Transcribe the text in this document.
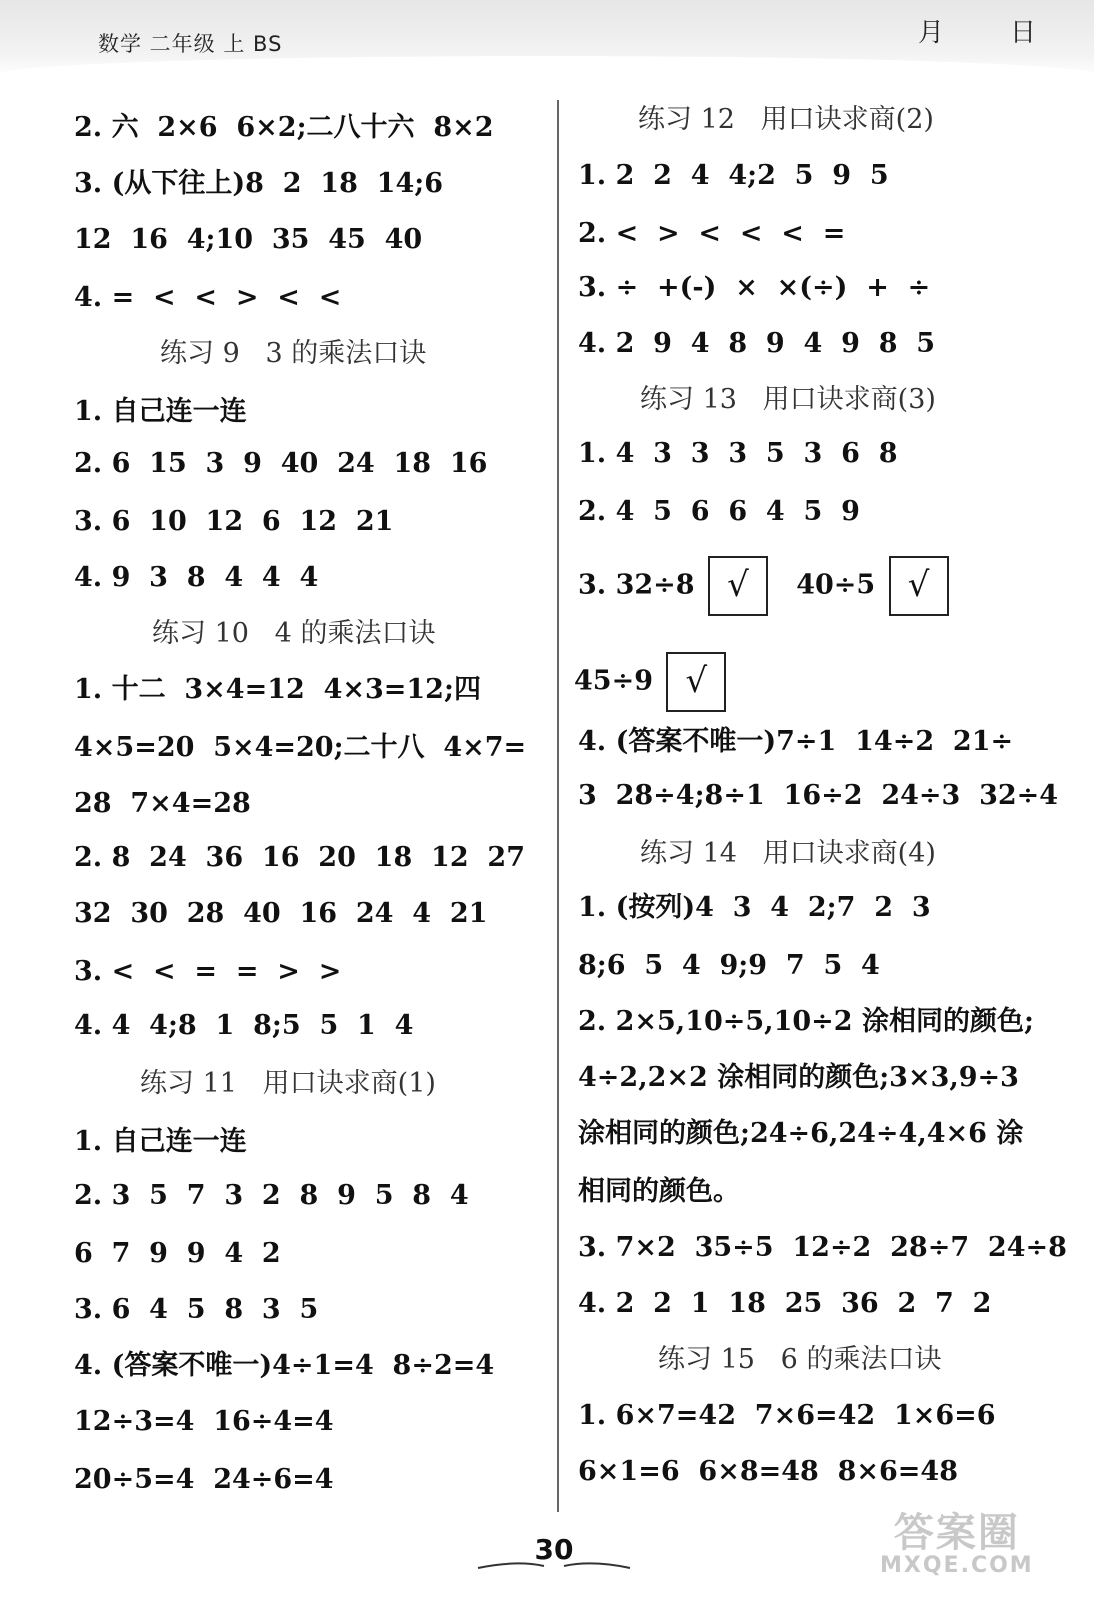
数学 二年级 上 BS	月	日
2. 六  2×6  6×2;二八十六  8×2
3. (从下往上)8  2  18  14;6
12  16  4;10  35  45  40
4. =  <  <  >  <  <
练习 9   3 的乘法口诀
1. 自己连一连
2. 6  15  3  9  40  24  18  16
3. 6  10  12  6  12  21
4. 9  3  8  4  4  4
练习 10   4 的乘法口诀
1. 十二  3×4=12  4×3=12;四
4×5=20  5×4=20;二十八  4×7=
28  7×4=28
2. 8  24  36  16  20  18  12  27
32  30  28  40  16  24  4  21
3. <  <  =  =  >  >
4. 4  4;8  1  8;5  5  1  4
练习 11   用口诀求商(1)
1. 自己连一连
2. 3  5  7  3  2  8  9  5  8  4
6  7  9  9  4  2
3. 6  4  5  8  3  5
4. (答案不唯一)4÷1=4  8÷2=4
12÷3=4  16÷4=4
20÷5=4  24÷6=4
练习 12   用口诀求商(2)
1. 2  2  4  4;2  5  9  5
2. <  >  <  <  <  =
3. ÷  +(-)  ×  ×(÷)  +  ÷
4. 2  9  4  8  9  4  9  8  5
练习 13   用口诀求商(3)
1. 4  3  3  3  5  3  6  8
2. 4  5  6  6  4  5  9
3. 32÷8 √ 40÷5 √
45÷9 √
4. (答案不唯一)7÷1  14÷2  21÷
3  28÷4;8÷1  16÷2  24÷3  32÷4
练习 14   用口诀求商(4)
1. (按列)4  3  4  2;7  2  3
8;6  5  4  9;9  7  5  4
2. 2×5,10÷5,10÷2 涂相同的颜色;
4÷2,2×2 涂相同的颜色;3×3,9÷3
涂相同的颜色;24÷6,24÷4,4×6 涂
相同的颜色。
3. 7×2  35÷5  12÷2  28÷7  24÷8
4. 2  2  1  18  25  36  2  7  2
练习 15   6 的乘法口诀
1. 6×7=42  7×6=42  1×6=6
6×1=6  6×8=48  8×6=48
30	答案圈
MXQE.COM
